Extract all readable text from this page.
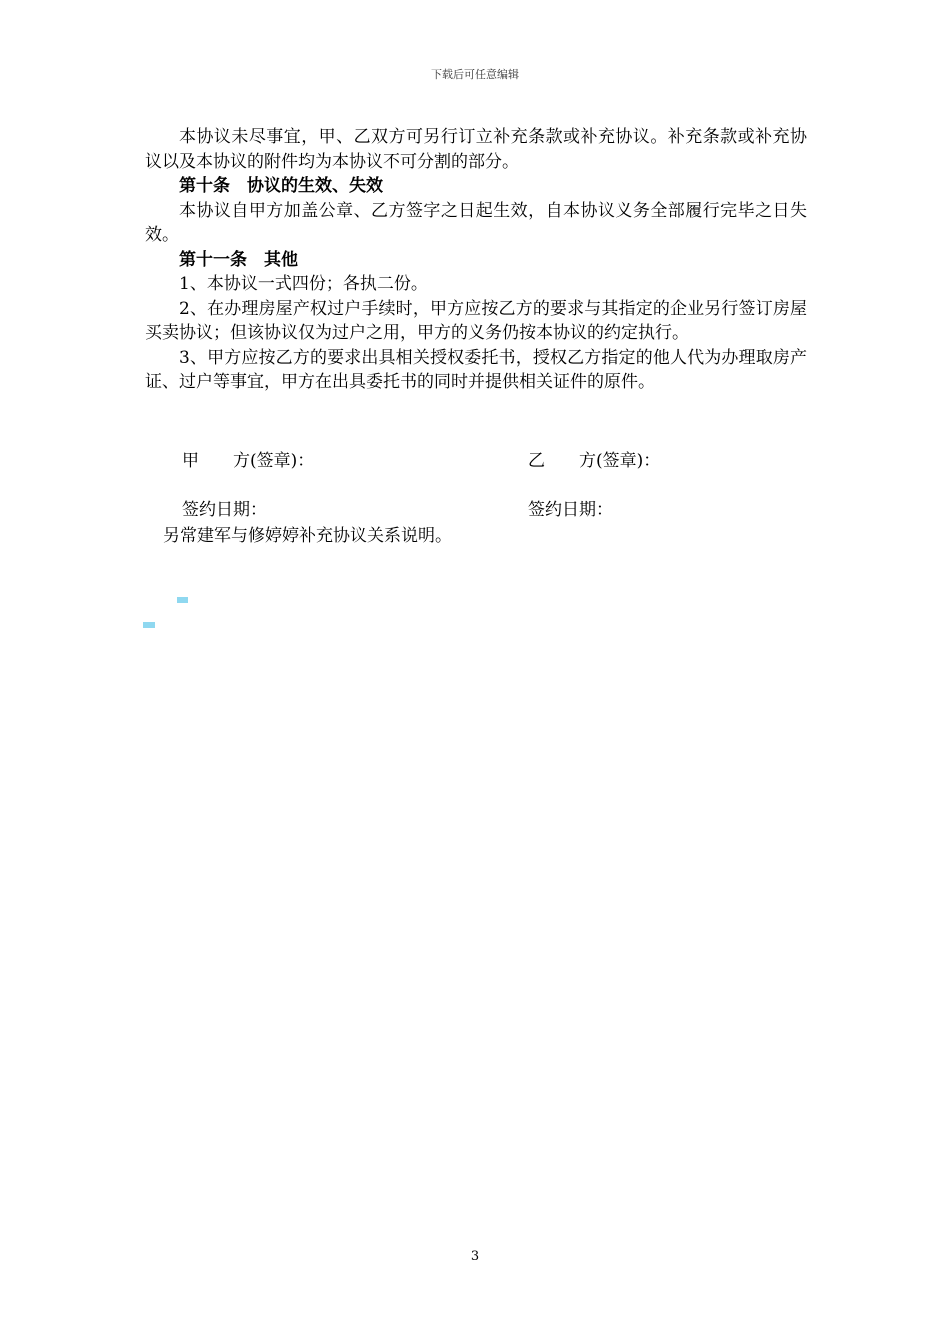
下载后可任意编辑

本协议未尽事宜，甲、乙双方可另行订立补充条款或补充协议。补充条款或补充协议以及本协议的附件均为本协议不可分割的部分。

第十条　协议的生效、失效

本协议自甲方加盖公章、乙方签字之日起生效，自本协议义务全部履行完毕之日失效。

第十一条　其他

1、本协议一式四份；各执二份。

2、在办理房屋产权过户手续时，甲方应按乙方的要求与其指定的企业另行签订房屋买卖协议；但该协议仅为过户之用，甲方的义务仍按本协议的约定执行。

3、甲方应按乙方的要求出具相关授权委托书，授权乙方指定的他人代为办理取房产证、过户等事宜，甲方在出具委托书的同时并提供相关证件的原件。

甲　　方(签章)：	乙　　方(签章)：
签约日期：	签约日期：
另常建军与修婷婷补充协议关系说明。
3
